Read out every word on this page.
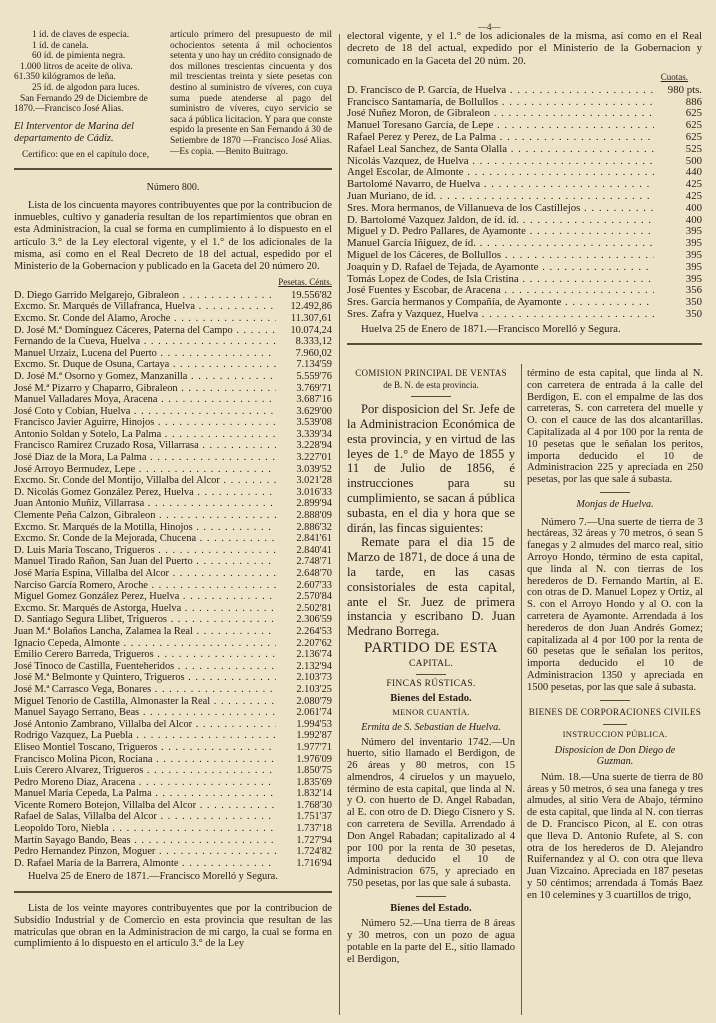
—4—
1 íd. de claves de especia.
1 íd. de canela.
60 íd. de pimienta negra.
1.000 litros de aceite de oliva.
61.350 kilógramos de leña.
25 íd. de algodon para luces.
San Fernando 29 de Diciembre de
1870.—Francisco José Alias.
El Interventor de Marina del departamento de Cádiz.
Certifico: que en el capítulo doce,
artículo primero del presupuesto de mil ochocientos setenta á mil ochocientos setenta y uno hay un crédito consignado de dos millones trescientas cincuenta y dos mil trescientas treinta y siete pesetas con destino al suministro de víveres, con cuya suma puede atenderse al pago del suministro de víveres, cuyo servicio se saca á pública licitacion. Y para que conste espido la presente en San Fernando á 30 de Setiembre de 1870 —Francisco José Alias.—Es copia. —Benito Buitrago.
Número 800.
Lista de los cincuenta mayores contribuyentes que por la contribucion de inmuebles, cultivo y ganadería resultan de los repartimientos que obran en esta Administracion, la cual se forma en cumplimiento á lo dispuesto en el artículo 3.° de la Ley electoral vigente, y el 1.° de los adicionales de la misma, así como en el Real Decreto de 18 del actual, espedido por el Ministerio de la Gobernacion y publicado en la Gaceta del 20 número 20.
Pesetas. Cénts.
D. Diego Garrido Melgarejo, Gibraleon . . .	19.556'82
Excmo. Sr. Marqués de Villafranca, Huelva . . .	12.492,86
Excmo. Sr. Conde del Alamo, Aroche . . .	11.307,61
D. José M.ª Domínguez Cáceres, Paterna del Campo . . .	10.074,24
Fernando de la Cueva, Huelva . . .	8.333,12
Manuel Urzaiz, Lucena del Puerto . . .	7.960,02
Excmo. Sr. Duque de Osuna, Cartaya . . .	7.134'59
D. José M.ª Osorno y Gomez, Manzanilla . . .	5.559'76
José M.ª Pizarro y Chaparro, Gibraleon . . .	3.769'71
Manuel Valladares Moya, Aracena . . .	3.687'16
José Coto y Cobian, Huelva . . .	3.629'00
Francisco Javier Aguirre, Hinojos . . .	3.539'08
Antonio Soldan y Sotelo, La Palma . . .	3.339'34
Francisco Ramírez Cruzado Rosa, Villarrasa . . .	3.228'94
José Diaz de la Mora, La Palma . . .	3.227'01
José Arroyo Bermudez, Lepe . . .	3.039'52
Excmo. Sr. Conde del Montijo, Villalba del Alcor . . .	3.021'28
D. Nicolás Gomez González Perez, Huelva . . .	3.016'33
Juan Antonio Muñiz, Villarrasa . . .	2.899'94
Clemente Peña Calzon, Gibraleon . . .	2.888'09
Excmo. Sr. Marqués de la Motilla, Hinojos . . .	2.886'32
Excmo. Sr. Conde de la Mejorada, Chucena . . .	2.841'61
D. Luis María Toscano, Trigueros . . .	2.840'41
Manuel Tirado Rañon, San Juan del Puerto . . .	2.748'71
José María Espina, Villalba del Alcor . . .	2.648'70
Narciso García Romero, Aroche . . .	2.607'33
Miguel Gomez González Perez, Huelva . . .	2.570'84
Excmo. Sr. Marqués de Astorga, Huelva . . .	2.502'81
D. Santiago Segura Llibet, Trigueros . . .	2.306'59
Juan M.ª Bolaños Lancha, Zalamea la Real . . .	2.264'53
Ignacio Cepeda, Almonte . . .	2.207'62
Emilio Cerero Barreda, Trigueros . . .	2.136'74
José Tinoco de Castilla, Fuenteheridos . . .	2.132'94
José M.ª Belmonte y Quintero, Trigueros . . .	2.103'73
José M.ª Carrasco Vega, Bonares . . .	2.103'25
Miguel Tenorio de Castilla, Almonaster la Real . . .	2.080'79
Manuel Sayago Serrano, Beas . . .	2.061'74
José Antonio Zambrano, Villalba del Alcor . . .	1.994'53
Rodrigo Vazquez, La Puebla . . .	1.992'87
Eliseo Montiel Toscano, Trigueros . . .	1.977'71
Francisco Molina Picon, Rociana . . .	1.976'09
Luis Cerero Alvarez, Trigueros . . .	1.850'75
Pedro Moreno Diaz, Aracena . . .	1.835'69
Manuel María Cepeda, La Palma . . .	1.832'14
Vicente Romero Botejon, Villalba del Alcor . . .	1.768'30
Rafael de Salas, Villalba del Alcor . . .	1.751'37
Leopoldo Toro, Niebla . . .	1.737'18
Martín Sayago Bando, Beas . . .	1.727'94
Pedro Hernandez Pinzon, Moguer . . .	1.724'82
D. Rafael María de la Barrera, Almonte . . .	1.716'94
Huelva 25 de Enero de 1871.—Francisco Morelló y Segura.
Lista de los veinte mayores contribuyentes que por la contribucion de Subsidio Industrial y de Comercio en esta provincia que resultan de las matrículas que obran en la Administracion de mi cargo, la cual se forma en cumplimiento á lo dispuesto en el artículo 3.° de la Ley
electoral vigente, y el 1.° de los adicionales de la misma, así como en el Real decreto de 18 del actual, expedido por el Ministerio de la Gobernacion y comunicado en la Gaceta del 20 núm. 20.
Cuotas.
D. Francisco de P. García, de Huelva . . .	980 pts.
Francisco Santamaría, de Bollullos . . .	886
José Nuñez Moron, de Gibraleon . . .	625
Manuel Toresano García, de Lepe . . .	625
Rafael Perez y Perez, de La Palma . . .	625
Rafael Leal Sanchez, de Santa Olalla . . .	525
Nicolás Vazquez, de Huelva . . .	500
Angel Escolar, de Almonte . . .	440
Bartolomé Navarro, de Huelva . . .	425
Juan Muriano, de íd. . . .	425
Sres. Mora hermanos, de Villanueva de los Castillejos . . .	400
D. Bartolomé Vazquez Jaldon, de íd. íd. . . .	400
Miguel y D. Pedro Pallares, de Ayamonte . . .	395
Manuel García Iñiguez, de íd. . . .	395
Miguel de los Cáceres, de Bollullos . . .	395
Joaquin y D. Rafael de Tejada, de Ayamonte . . .	395
Tomás Lopez de Codes, de Isla Cristina . . .	395
José Fuentes y Escobar, de Aracena . . .	356
Sres. García hermanos y Compañía, de Ayamonte . . .	350
Sres. Zafra y Vazquez, Huelva . . .	350
Huelva 25 de Enero de 1871.—Francisco Morelló y Segura.
COMISION PRINCIPAL DE VENTAS
de B. N. de esta provincia.
Por disposicion del Sr. Jefe de la Administracion Económica de esta provincia, y en virtud de las leyes de 1.° de Mayo de 1855 y 11 de Julio de 1856, é instrucciones para su cumplimiento, se sacan á pública subasta, en el dia y hora que se dirán, las fincas siguientes:
Remate para el dia 15 de Marzo de 1871, de doce á una de la tarde, en las casas consistoriales de esta capital, ante el Sr. Juez de primera instancia y escribano D. Juan Medrano Borrega.
PARTIDO DE ESTA
CAPITAL.
FINCAS RÚSTICAS.
Bienes del Estado.
MENOR CUANTÍA.
Ermita de S. Sebastian de Huelva.
Número del inventario 1742.—Un huerto, sitio llamado el Berdigon, de 26 áreas y 80 metros, con 15 almendros, 4 ciruelos y un mayuelo, término de esta capital, que linda al N. y O. con huerto de D. Angel Rabadan, al E. con otro de D. Diego Cisnero y S. con carretera de Sevilla. Arrendado á Don Angel Rabadan; capitalizado al 4 por 100 por la renta de 30 pesetas, importa deducido el 10 de Administracion 675, y apreciado en 750 pesetas, por las que sale á subasta.
Bienes del Estado.
Número 52.—Una tierra de 8 áreas y 30 metros, con un pozo de agua potable en la parte del E., sitio llamado el Berdigon,
término de esta capital, que linda al N. con carretera de entrada á la calle del Berdigon, E. con el empalme de las dos carreteras, S. con carretera del muelle y O. con el cauce de las dos alcantarillas. Capitalizada al 4 por 100 por la renta de 10 pesetas que le señalan los peritos, importa deducido el 10 de Administracion 225 y apreciada en 250 pesetas, por las que sale á subasta.
Monjas de Huelva.
Número 7.—Una suerte de tierra de 3 hectáreas, 32 áreas y 70 metros, ó sean 5 fanegas y 2 almudes del marco real, sitio Arroyo Hondo, término de esta capital, que linda al N. con tierras de los herederos de D. Fernando Martín, al E. con otras de D. Manuel Lopez y Ortiz, al S. con el Arroyo Hondo y al O. con la carretera de Ayamonte. Arrendada á los herederos de don Juan Andrés Gomez; capitalizada al 4 por 100 por la renta de 60 pesetas que le señalan los peritos, importa deducido el 10 de Administracion 1350 y apreciada en 1500 pesetas, por las que sale á subasta.
BIENES DE CORPORACIONES CIVILES
INSTRUCCION PÚBLICA.
Disposicion de Don Diego de Guzman.
Núm. 18.—Una suerte de tierra de 80 áreas y 50 metros, ó sea una fanega y tres almudes, al sitio Vera de Abajo, término de esta capital, que linda al N. con tierras de D. Francisco Picon, al E. con otras que lleva D. Antonio Rufete, al S. con otra de los herederos de D. Alejandro Ruifernandez y al O. con otra que lleva Juan Vizcaino. Apreciada en 187 pesetas y 50 céntimos; arrendada á Tomás Baez en 10 celemines y 3 cuartillos de trigo,
